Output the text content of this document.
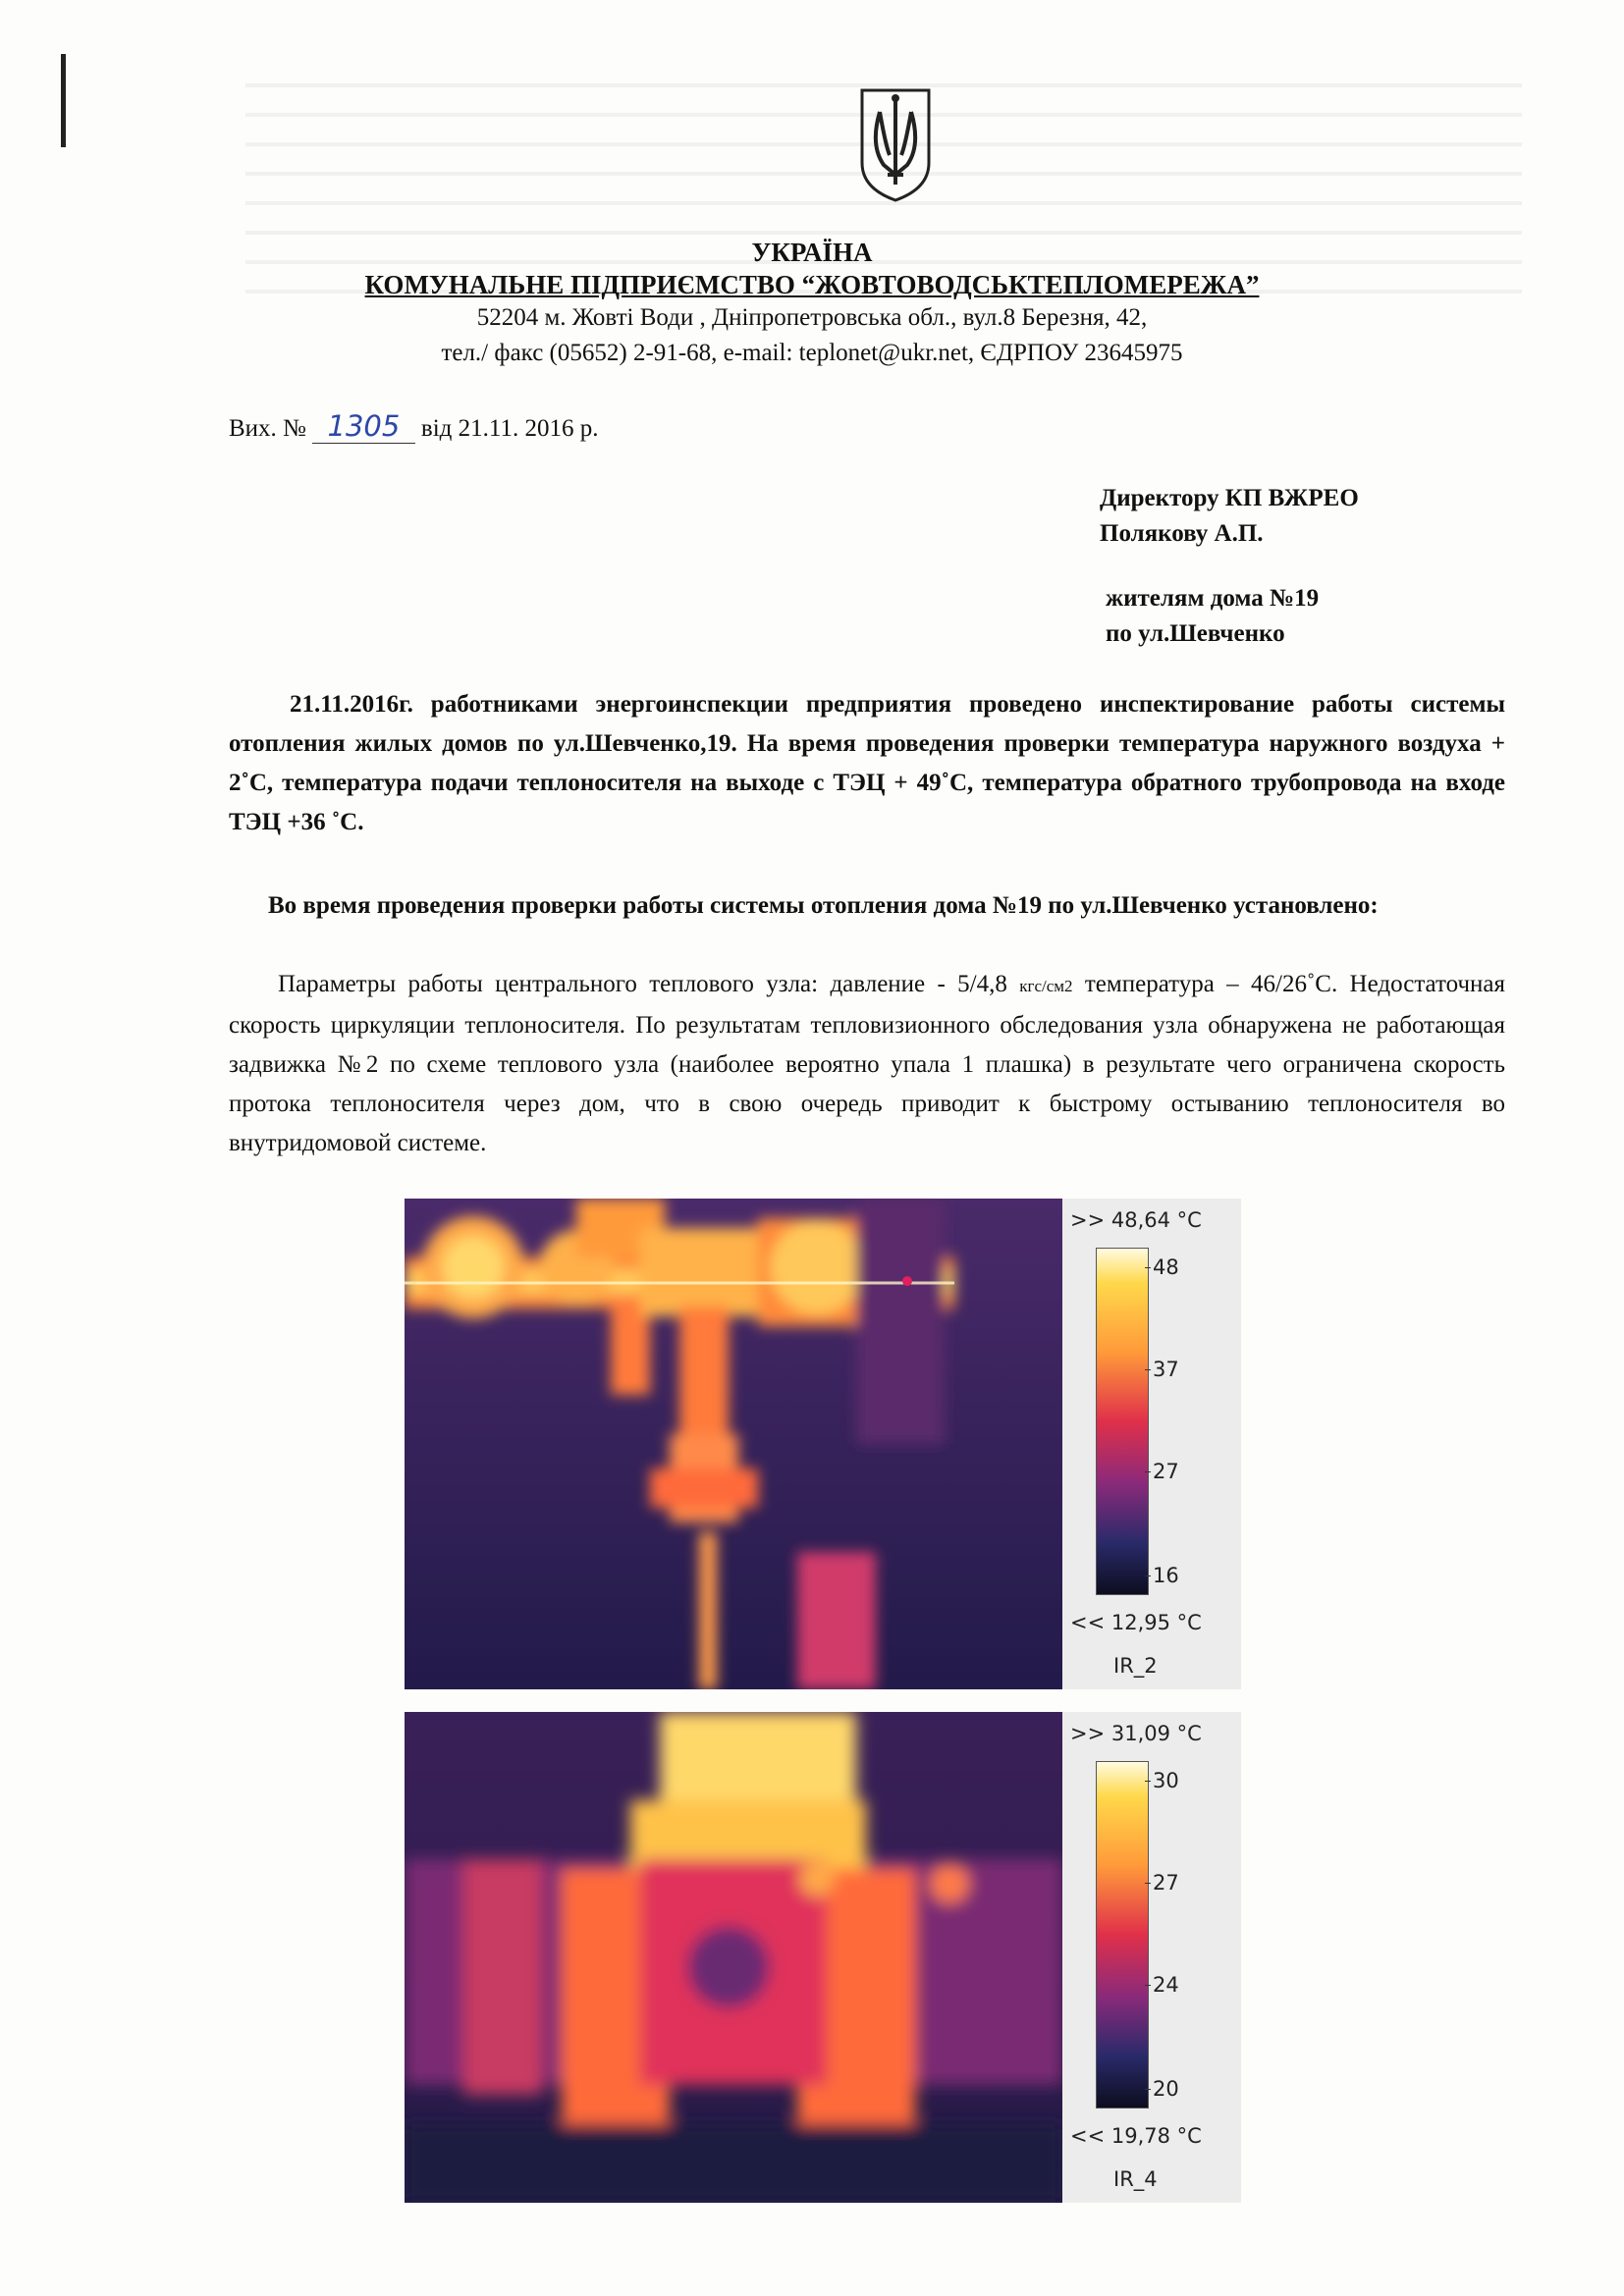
УКРАЇНА
КОМУНАЛЬНЕ ПІДПРИЄМСТВО “ЖОВТОВОДСЬКТЕПЛОМЕРЕЖА”
52204 м. Жовті Води , Дніпропетровська обл., вул.8 Березня, 42,
тел./ факс (05652) 2-91-68, e-mail: teplonet@ukr.net, ЄДРПОУ 23645975
Вих. № 1305 від 21.11. 2016 р.
Директору КП ВЖРЕО
Полякову А.П.
жителям дома №19
по ул.Шевченко
21.11.2016г. работниками энергоинспекции предприятия проведено инспектирование работы системы отопления жилых домов по ул.Шевченко,19. На время проведения проверки температура наружного воздуха + 2˚С, температура подачи теплоносителя на выходе с ТЭЦ + 49˚С, температура обратного трубопровода на входе ТЭЦ +36 ˚С.
Во время проведения проверки работы системы отопления дома №19 по ул.Шевченко установлено:
Параметры работы центрального теплового узла: давление - 5/4,8 кгс/см2 температура – 46/26˚С. Недостаточная скорость циркуляции теплоносителя. По результатам тепловизионного обследования узла обнаружена не работающая задвижка №2 по схеме теплового узла (наиболее вероятно упала 1 плашка) в результате чего ограничена скорость протока теплоносителя через дом, что в свою очередь приводит к быстрому остыванию теплоносителя во внутридомовой системе.
>> 48,64 °C
48
37
27
16
<< 12,95 °C
IR_2
>> 31,09 °C
30
27
24
20
<< 19,78 °C
IR_4
